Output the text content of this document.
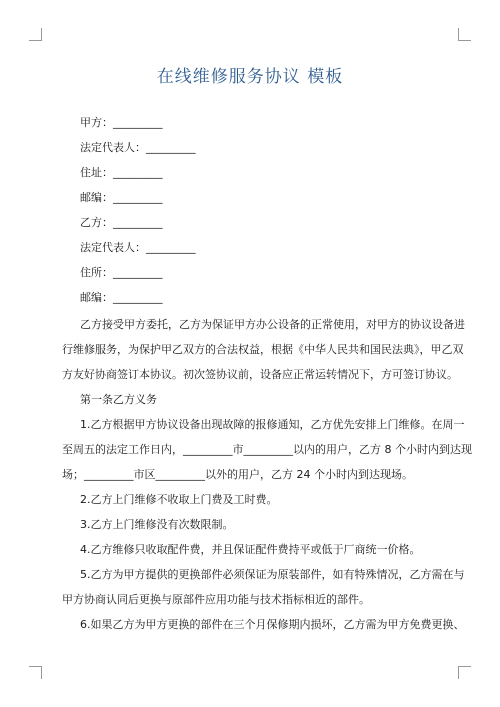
在线维修服务协议 模板
甲方：_________
法定代表人：_________
住址：_________
邮编：_________
乙方：_________
法定代表人：_________
住所：_________
邮编：_________
乙方接受甲方委托，乙方为保证甲方办公设备的正常使用，对甲方的协议设备进
行维修服务，为保护甲乙双方的合法权益，根据《中华人民共和国民法典》，甲乙双
方友好协商签订本协议。初次签协议前，设备应正常运转情况下，方可签订协议。
第一条乙方义务
1.乙方根据甲方协议设备出现故障的报修通知，乙方优先安排上门维修。在周一
至周五的法定工作日内，_________市_________以内的用户，乙方 8 个小时内到达现
场；_________市区_________以外的用户，乙方 24 个小时内到达现场。
2.乙方上门维修不收取上门费及工时费。
3.乙方上门维修没有次数限制。
4.乙方维修只收取配件费，并且保证配件费持平或低于厂商统一价格。
5.乙方为甲方提供的更换部件必须保证为原装部件，如有特殊情况，乙方需在与
甲方协商认同后更换与原部件应用功能与技术指标相近的部件。
6.如果乙方为甲方更换的部件在三个月保修期内损坏，乙方需为甲方免费更换、
